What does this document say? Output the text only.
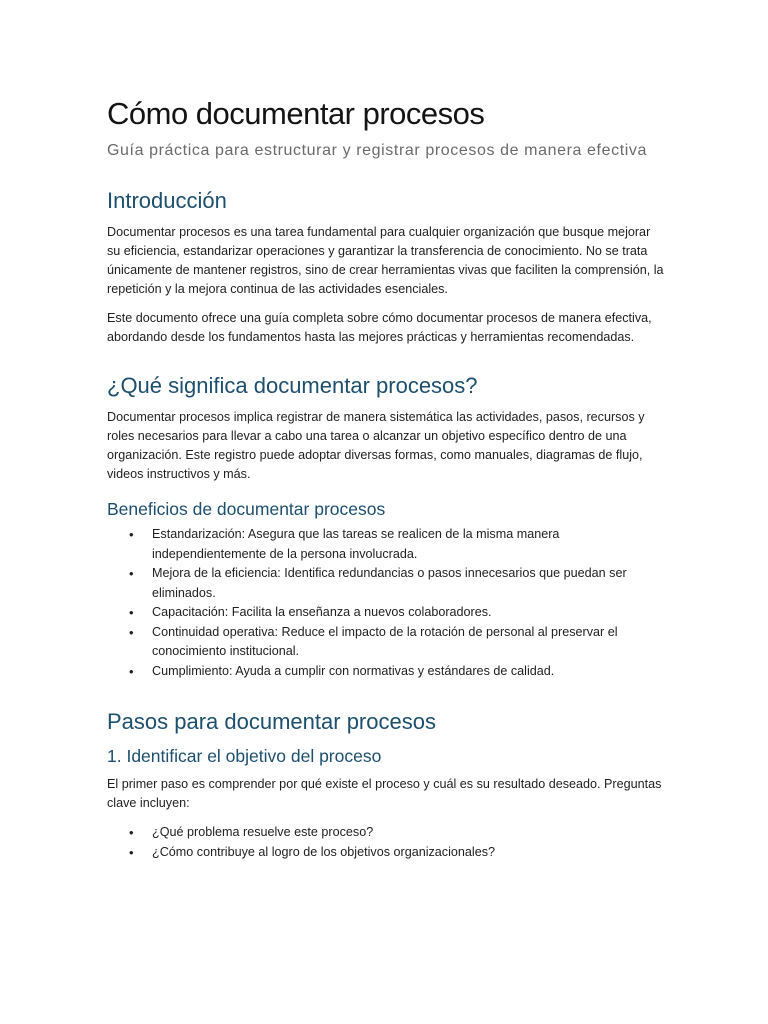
Cómo documentar procesos

Guía práctica para estructurar y registrar procesos de manera efectiva

Introducción

Documentar procesos es una tarea fundamental para cualquier organización que busque mejorar su eficiencia, estandarizar operaciones y garantizar la transferencia de conocimiento. No se trata únicamente de mantener registros, sino de crear herramientas vivas que faciliten la comprensión, la repetición y la mejora continua de las actividades esenciales.

Este documento ofrece una guía completa sobre cómo documentar procesos de manera efectiva, abordando desde los fundamentos hasta las mejores prácticas y herramientas recomendadas.

¿Qué significa documentar procesos?

Documentar procesos implica registrar de manera sistemática las actividades, pasos, recursos y roles necesarios para llevar a cabo una tarea o alcanzar un objetivo específico dentro de una organización. Este registro puede adoptar diversas formas, como manuales, diagramas de flujo, videos instructivos y más.

Beneficios de documentar procesos
• Estandarización: Asegura que las tareas se realicen de la misma manera independientemente de la persona involucrada.
• Mejora de la eficiencia: Identifica redundancias o pasos innecesarios que puedan ser eliminados.
• Capacitación: Facilita la enseñanza a nuevos colaboradores.
• Continuidad operativa: Reduce el impacto de la rotación de personal al preservar el conocimiento institucional.
• Cumplimiento: Ayuda a cumplir con normativas y estándares de calidad.
Pasos para documentar procesos
1. Identificar el objetivo del proceso

El primer paso es comprender por qué existe el proceso y cuál es su resultado deseado. Preguntas clave incluyen:

• ¿Qué problema resuelve este proceso?
• ¿Cómo contribuye al logro de los objetivos organizacionales?
